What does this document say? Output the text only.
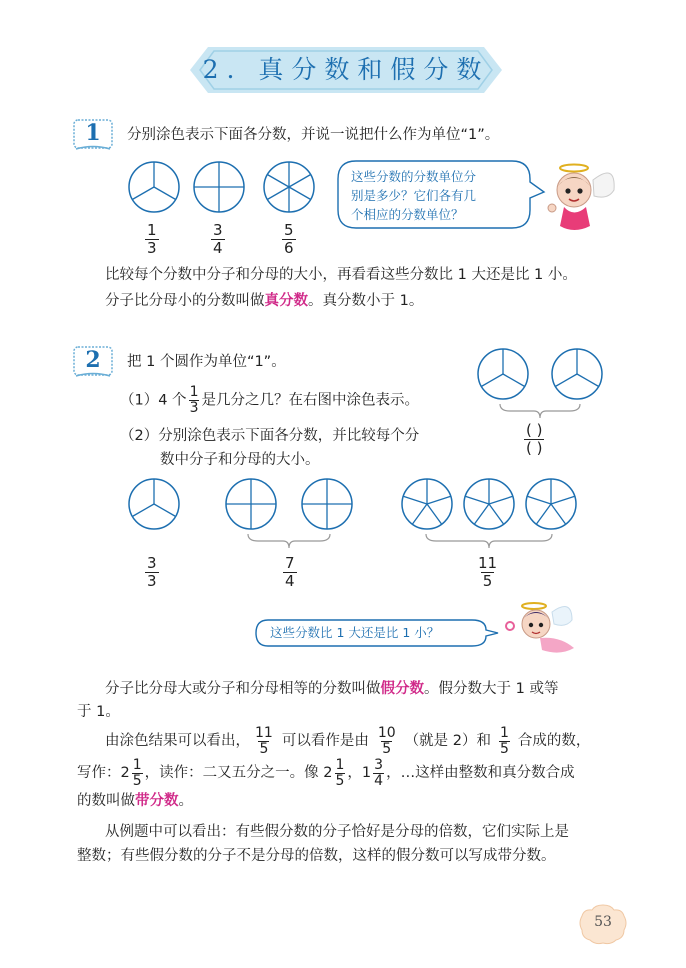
2. 真分数和假分数
1	分别涂色表示下面各分数，并说一说把什么作为单位“1”。
1
3
3
4
5
6
这些分数的分数单位分
别是多少？它们各有几
个相应的分数单位？
比较每个分数中分子和分母的大小，再看看这些分数比 1 大还是比 1 小。
分子比分母小的分数叫做真分数。真分数小于 1。
2	把 1 个圆作为单位“1”。
（1）4 个 $\frac{1}{3}$ 是几分之几？在右图中涂色表示。
（2）分别涂色表示下面各分数，并比较每个分
数中分子和分母的大小。
( )
( )
3
3
7
4
11
5
这些分数比 1 大还是比 1 小？
分子比分母大或分子和分母相等的分数叫做假分数。假分数大于 1 或等
于 1。
由涂色结果可以看出， $\frac{11}{5}$ 可以看作是由 $\frac{10}{5}$ （就是 2）和 $\frac{1}{5}$ 合成的数，
写作：$2 \frac{1}{5}$ ，读作：二又五分之一。像 $2 \frac{1}{5}$ ，$1 \frac{3}{4}$ ，…这样由整数和真分数合成
的数叫做带分数。
从例题中可以看出：有些假分数的分子恰好是分母的倍数，它们实际上是
整数；有些假分数的分子不是分母的倍数，这样的假分数可以写成带分数。
53
